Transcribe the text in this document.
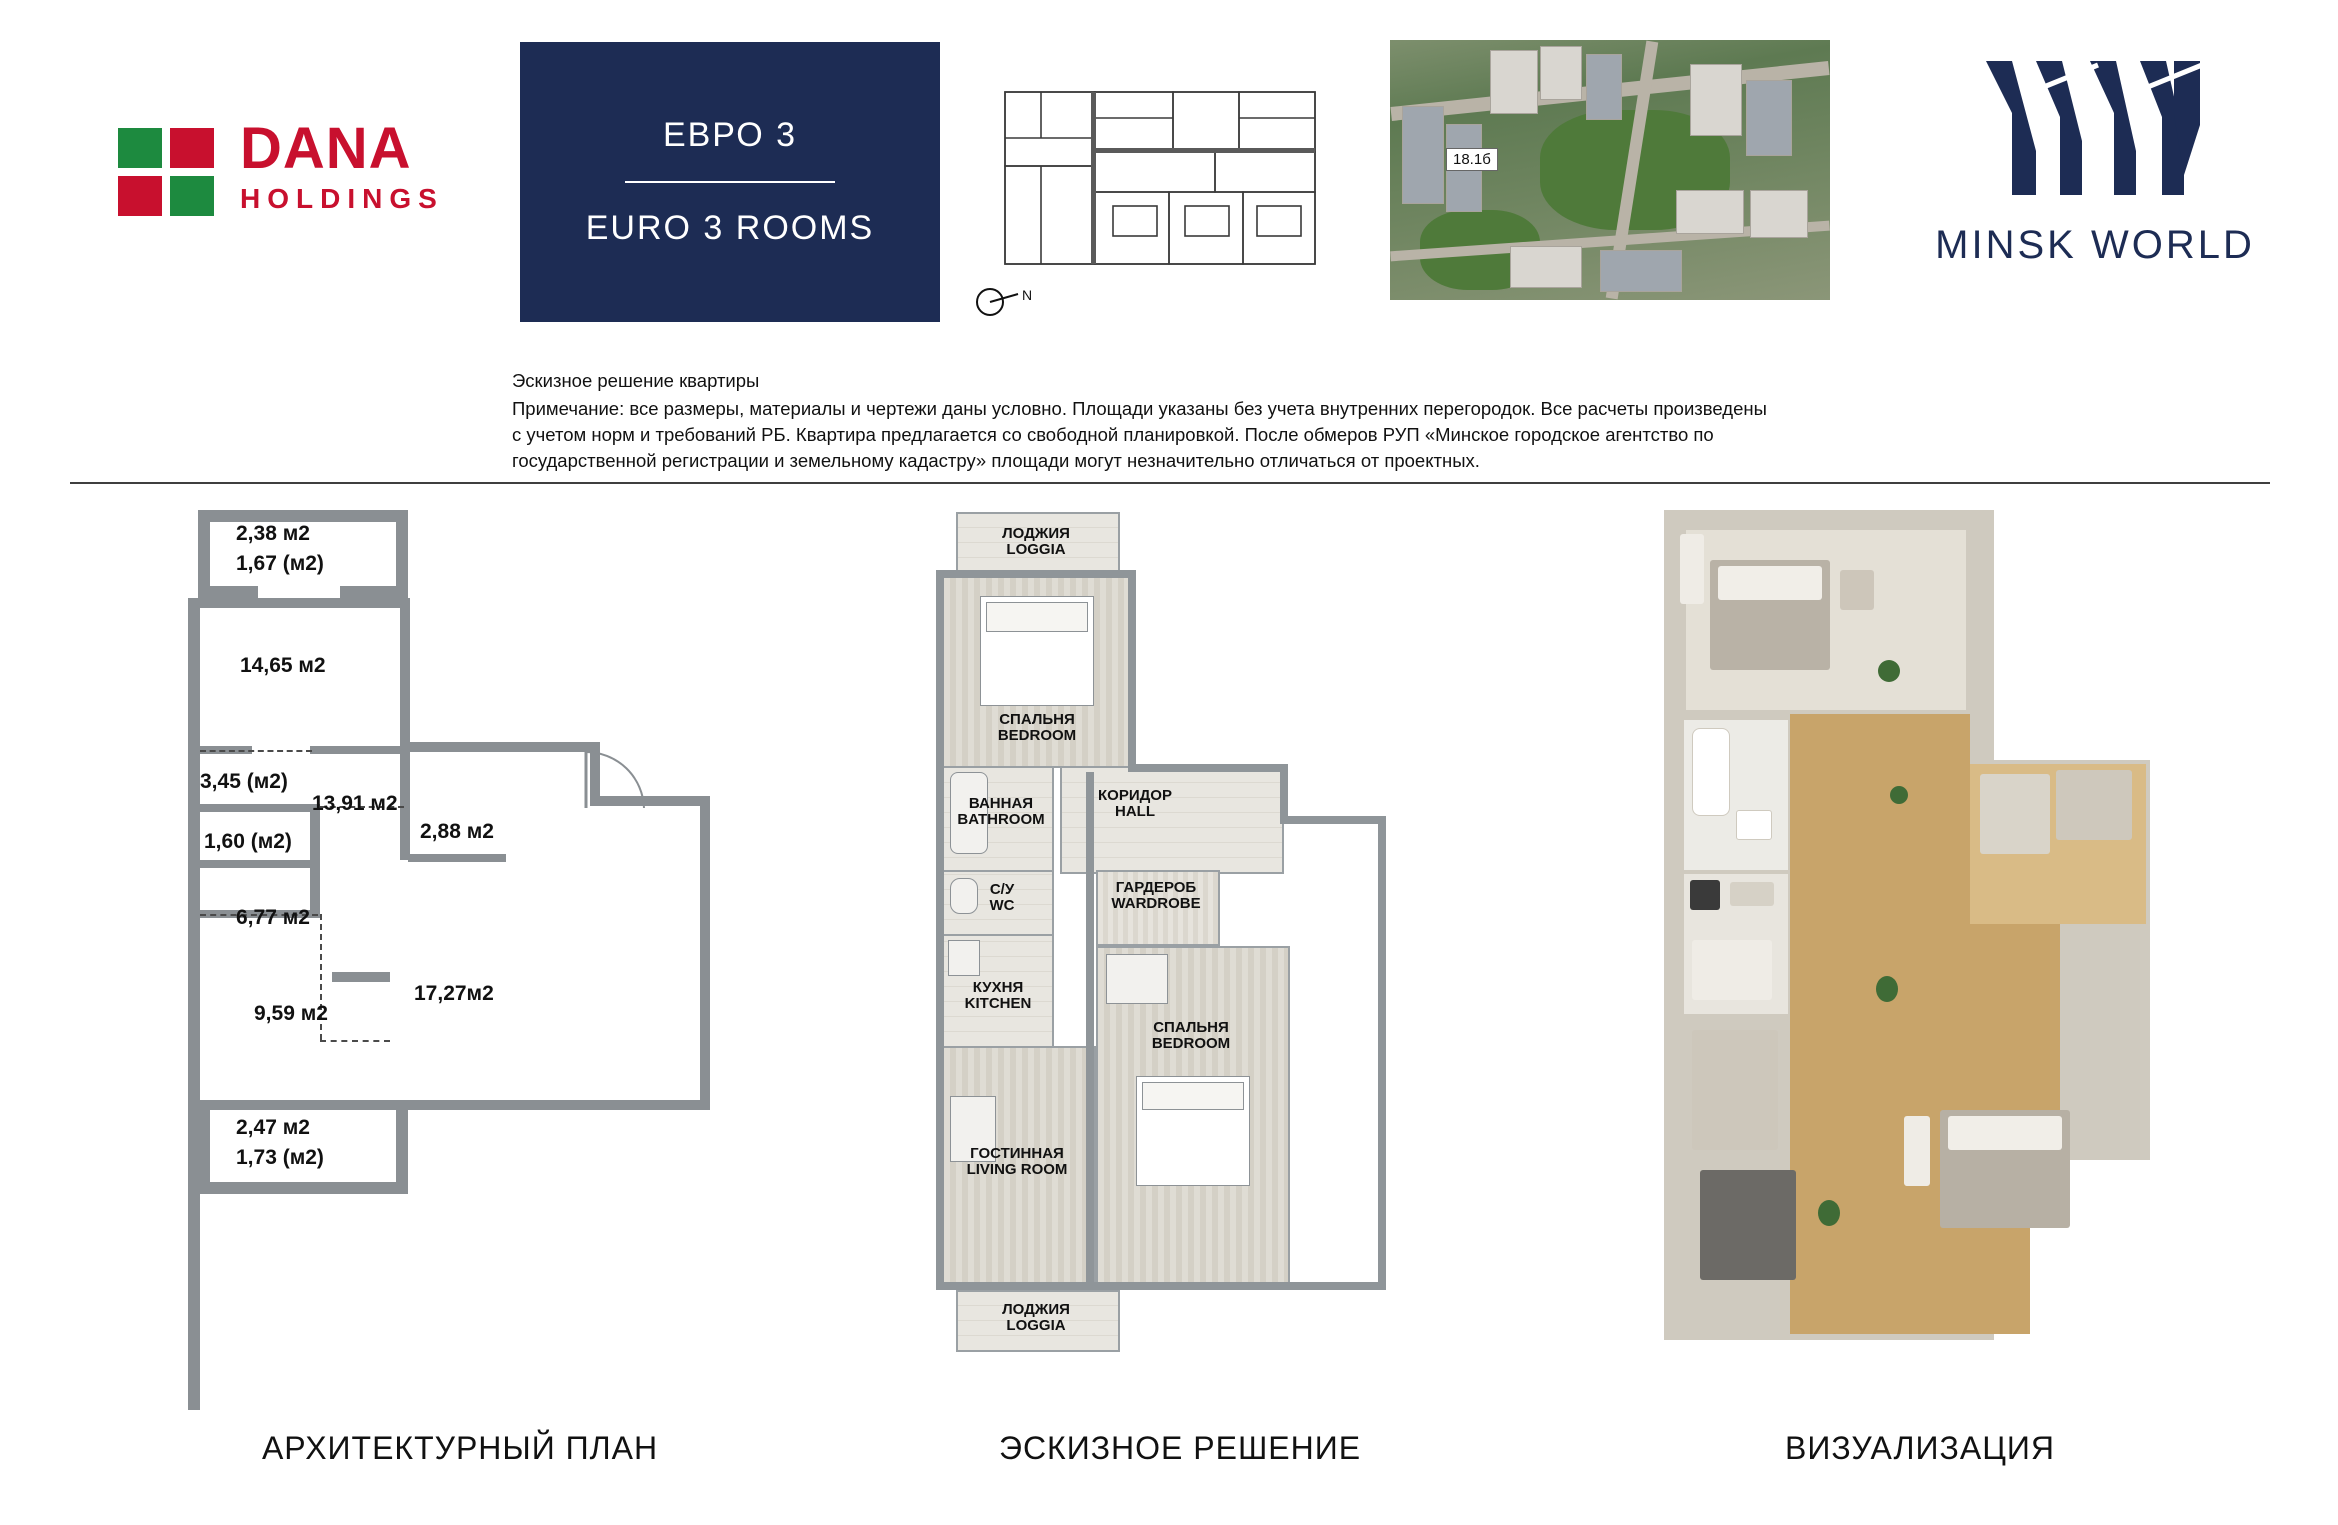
DANA
HOLDINGS
ЕВРО 3
EURO 3 ROOMS
N
18.1б
MINSK WORLD
Эскизное решение квартиры
Примечание: все размеры, материалы и чертежи даны условно. Площади указаны без учета внутренних перегородок. Все расчеты произведены
с учетом норм и требований РБ. Квартира предлагается со свободной планировкой. После обмеров РУП «Минское городское агентство по
государственной регистрации и земельному кадастру» площади могут незначительно отличаться от проектных.
2,38 м2
1,67 (м2)
14,65 м2
3,45 (м2)
13,91 м2
1,60 (м2)	2,88 м2
6,77 м2
17,27м2
9,59 м2
2,47 м2
1,73 (м2)
ЛОДЖИЯ
LOGGIA
СПАЛЬНЯ
BEDROOM
ВАННАЯ
BATHROOM
С/У
WC
КОРИДОР
HALL
ГАРДЕРОБ
WARDROBE
КУХНЯ
KITCHEN
СПАЛЬНЯ
BEDROOM
ГОСТИННАЯ
LIVING ROOM
ЛОДЖИЯ
LOGGIA
АРХИТЕКТУРНЫЙ ПЛАН	ЭСКИЗНОЕ РЕШЕНИЕ	ВИЗУАЛИЗАЦИЯ
